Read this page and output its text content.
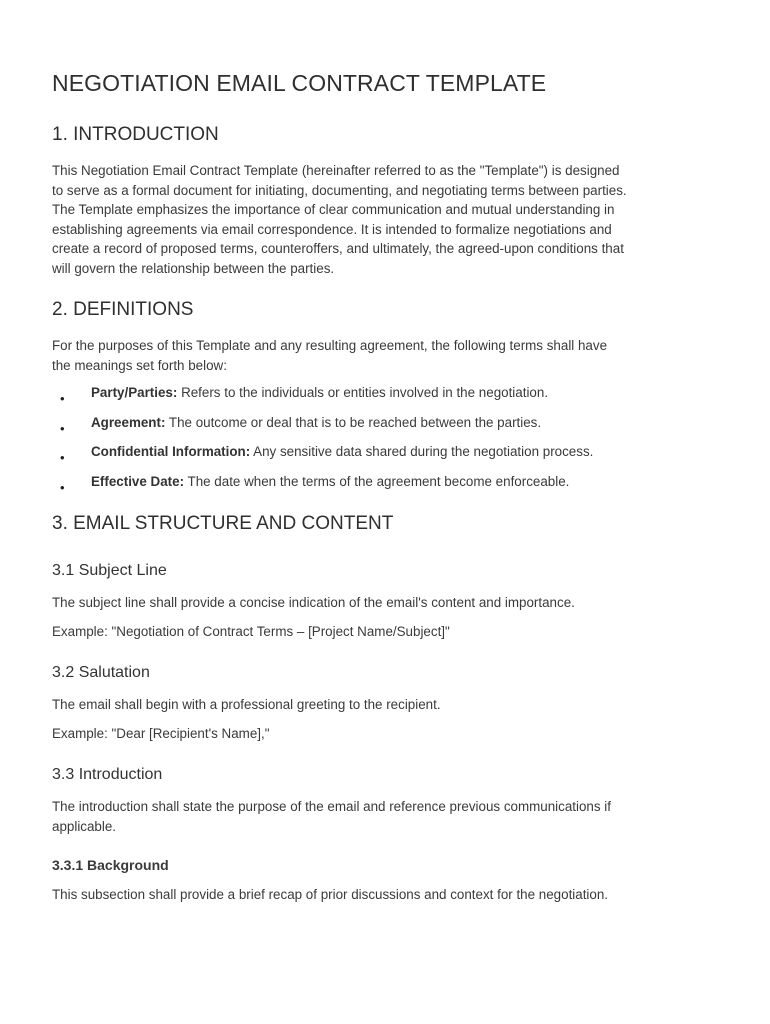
NEGOTIATION EMAIL CONTRACT TEMPLATE
1. INTRODUCTION
This Negotiation Email Contract Template (hereinafter referred to as the "Template") is designed
to serve as a formal document for initiating, documenting, and negotiating terms between parties.
The Template emphasizes the importance of clear communication and mutual understanding in
establishing agreements via email correspondence. It is intended to formalize negotiations and
create a record of proposed terms, counteroffers, and ultimately, the agreed-upon conditions that
will govern the relationship between the parties.
2. DEFINITIONS
For the purposes of this Template and any resulting agreement, the following terms shall have
the meanings set forth below:
• Party/Parties: Refers to the individuals or entities involved in the negotiation.
• Agreement: The outcome or deal that is to be reached between the parties.
• Confidential Information: Any sensitive data shared during the negotiation process.
• Effective Date: The date when the terms of the agreement become enforceable.
3. EMAIL STRUCTURE AND CONTENT
3.1 Subject Line

The subject line shall provide a concise indication of the email's content and importance.

Example: "Negotiation of Contract Terms – [Project Name/Subject]"

3.2 Salutation

The email shall begin with a professional greeting to the recipient.

Example: "Dear [Recipient's Name],"

3.3 Introduction
The introduction shall state the purpose of the email and reference previous communications if
applicable.
3.3.1 Background

This subsection shall provide a brief recap of prior discussions and context for the negotiation.
